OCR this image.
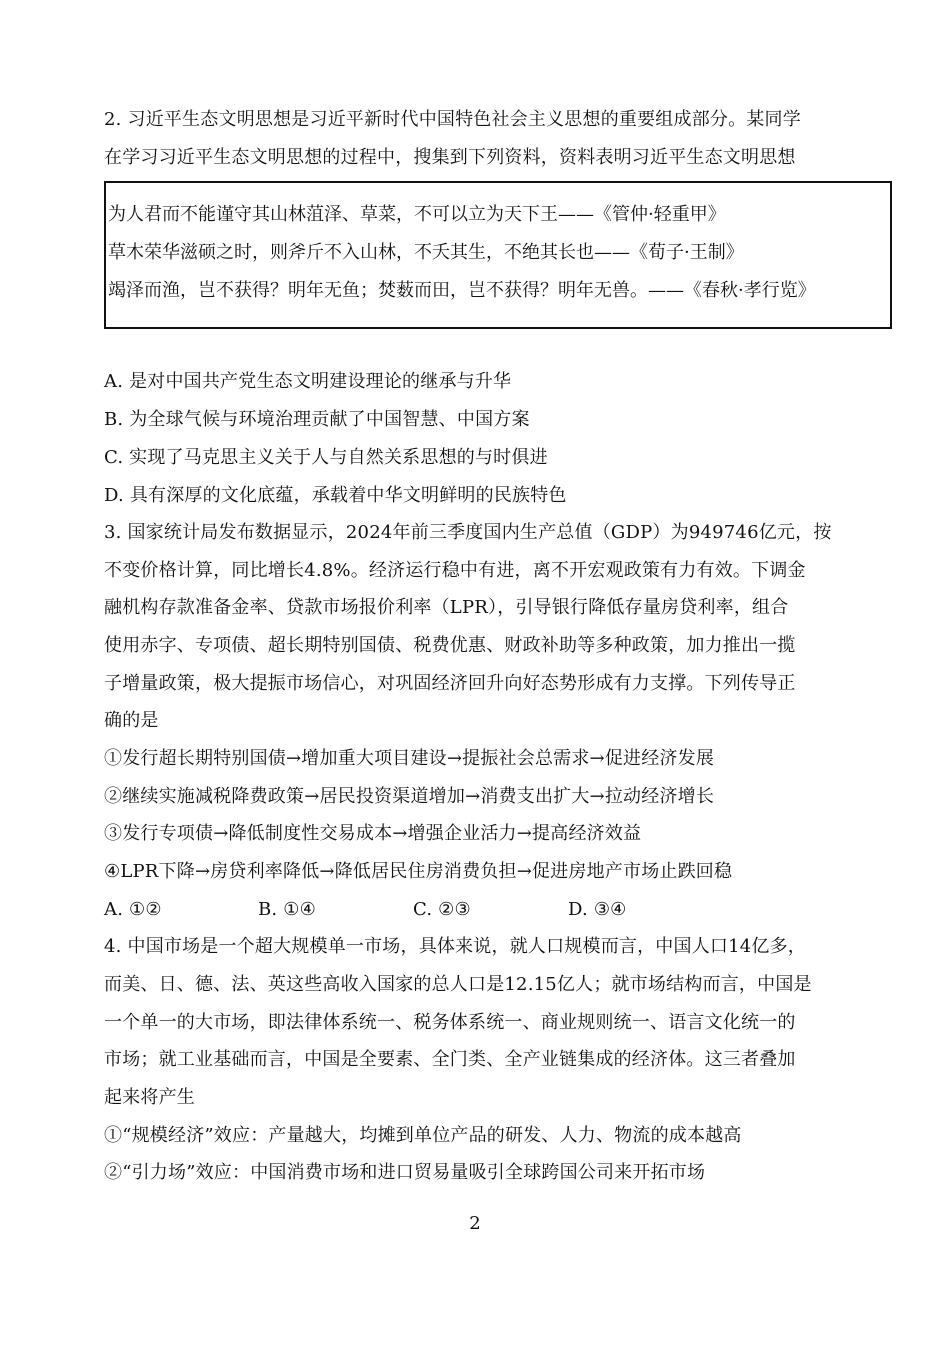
2. 习近平生态文明思想是习近平新时代中国特色社会主义思想的重要组成部分。某同学
在学习习近平生态文明思想的过程中，搜集到下列资料，资料表明习近平生态文明思想
为人君而不能谨守其山林菹泽、草菜，不可以立为天下王——《管仲·轻重甲》
草木荣华滋硕之时，则斧斤不入山林，不夭其生，不绝其长也——《荀子·王制》
竭泽而渔，岂不获得？明年无鱼；焚薮而田，岂不获得？明年无兽。——《春秋·孝行览》
A. 是对中国共产党生态文明建设理论的继承与升华
B. 为全球气候与环境治理贡献了中国智慧、中国方案
C. 实现了马克思主义关于人与自然关系思想的与时俱进
D. 具有深厚的文化底蕴，承载着中华文明鲜明的民族特色
3. 国家统计局发布数据显示，2024年前三季度国内生产总值（GDP）为949746亿元，按
不变价格计算，同比增长4.8%。经济运行稳中有进，离不开宏观政策有力有效。下调金
融机构存款准备金率、贷款市场报价利率（LPR），引导银行降低存量房贷利率，组合
使用赤字、专项债、超长期特别国债、税费优惠、财政补助等多种政策，加力推出一揽
子增量政策，极大提振市场信心，对巩固经济回升向好态势形成有力支撑。下列传导正
确的是
①发行超长期特别国债→增加重大项目建设→提振社会总需求→促进经济发展
②继续实施减税降费政策→居民投资渠道增加→消费支出扩大→拉动经济增长
③发行专项债→降低制度性交易成本→增强企业活力→提高经济效益
④LPR下降→房贷利率降低→降低居民住房消费负担→促进房地产市场止跌回稳
A. ①②	B. ①④	C. ②③	D. ③④
4. 中国市场是一个超大规模单一市场，具体来说，就人口规模而言，中国人口14亿多，
而美、日、德、法、英这些高收入国家的总人口是12.15亿人；就市场结构而言，中国是
一个单一的大市场，即法律体系统一、税务体系统一、商业规则统一、语言文化统一的
市场；就工业基础而言，中国是全要素、全门类、全产业链集成的经济体。这三者叠加
起来将产生
①“规模经济”效应：产量越大，均摊到单位产品的研发、人力、物流的成本越高
②“引力场”效应：中国消费市场和进口贸易量吸引全球跨国公司来开拓市场
2
